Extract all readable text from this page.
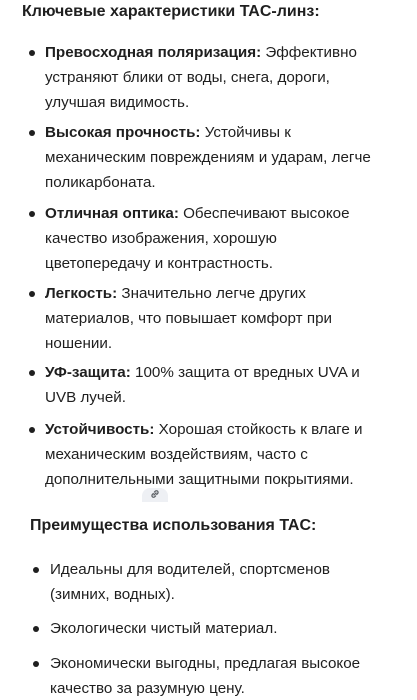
Ключевые характеристики TAC-линз:
Превосходная поляризация: Эффективно устраняют блики от воды, снега, дороги, улучшая видимость.
Высокая прочность: Устойчивы к механическим повреждениям и ударам, легче поликарбоната.
Отличная оптика: Обеспечивают высокое качество изображения, хорошую цветопередачу и контрастность.
Легкость: Значительно легче других материалов, что повышает комфорт при ношении.
УФ-защита: 100% защита от вредных UVA и UVB лучей.
Устойчивость: Хорошая стойкость к влаге и механическим воздействиям, часто с дополнительными защитными покрытиями.
Преимущества использования TAC:
Идеальны для водителей, спортсменов (зимних, водных).
Экологически чистый материал.
Экономически выгодны, предлагая высокое качество за разумную цену.
